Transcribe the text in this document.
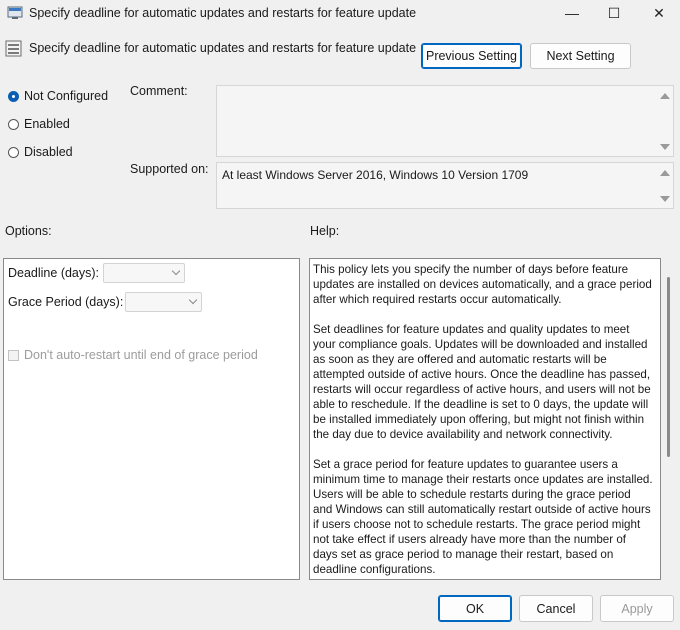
Specify deadline for automatic updates and restarts for feature update	—	☐	✕
Specify deadline for automatic updates and restarts for feature update
Previous Setting	Next Setting
Not Configured
Enabled
Disabled
Comment:
Supported on: At least Windows Server 2016, Windows 10 Version 1709
Options:	Help:
Deadline (days):
Grace Period (days):
Don't auto-restart until end of grace period

This policy lets you specify the number of days before feature updates are installed on devices automatically, and a grace period after which required restarts occur automatically.

Set deadlines for feature updates and quality updates to meet your compliance goals. Updates will be downloaded and installed as soon as they are offered and automatic restarts will be attempted outside of active hours. Once the deadline has passed, restarts will occur regardless of active hours, and users will not be able to reschedule. If the deadline is set to 0 days, the update will be installed immediately upon offering, but might not finish within the day due to device availability and network connectivity.

Set a grace period for feature updates to guarantee users a minimum time to manage their restarts once updates are installed. Users will be able to schedule restarts during the grace period and Windows can still automatically restart outside of active hours if users choose not to schedule restarts. The grace period might not take effect if users already have more than the number of days set as grace period to manage their restart, based on deadline configurations.

OK	Cancel	Apply
